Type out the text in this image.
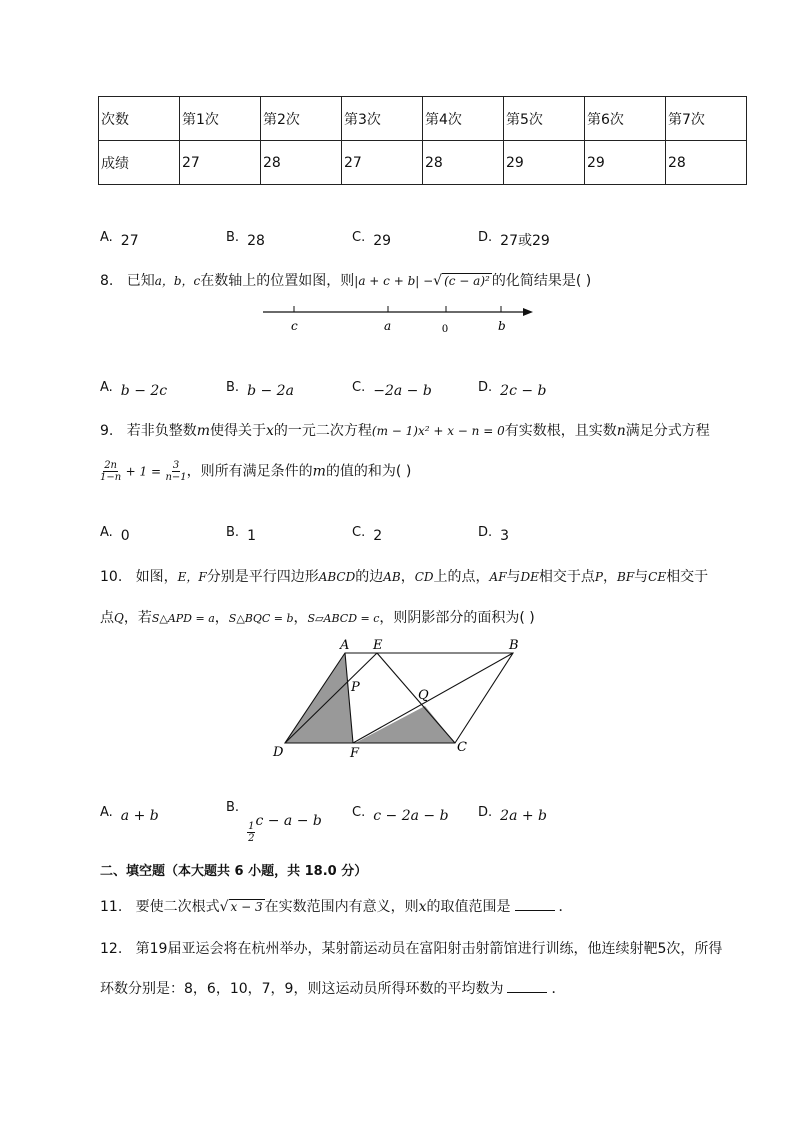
次数	第1次	第2次	第3次	第4次	第5次	第6次	第7次
成绩	27	28	27	28	29	29	28
A. 27	B. 28	C. 29	D. 27或29
8. 已知a，b，c在数轴上的位置如图，则|a + c + b| −√ (c − a)² 的化简结果是( )
c	a	0	b
A. b − 2c	B. b − 2a	C. −2a − b	D. 2c − b
9. 若非负整数m使得关于x的一元二次方程(m − 1)x² + x − n = 0有实数根，且实数n满足分式方程
$\frac{2n}{1-n} + 1 = \frac{3}{n-1}$ ，则所有满足条件的m的值的和为( )
A. 0	B. 1	C. 2	D. 3
10. 如图，E，F分别是平行四边形ABCD的边AB，CD上的点，AF与DE相交于点P，BF与CE相交于
点Q，若S△APD = a，S△BQC = b，S▱ABCD = c，则阴影部分的面积为( )
A E	B
P
Q
D	F	C
A. a + b
B.
$\frac{1}{2}$ c − a − b
C. c − 2a − b D. 2a + b
二、填空题（本大题共 6 小题，共 18.0 分）
11. 要使二次根式√ x − 3 在实数范围内有意义，则x的取值范围是	．
12. 第19届亚运会将在杭州举办，某射箭运动员在富阳射击射箭馆进行训练，他连续射靶5次，所得
环数分别是：8，6，10，7，9，则这运动员所得环数的平均数为	．
